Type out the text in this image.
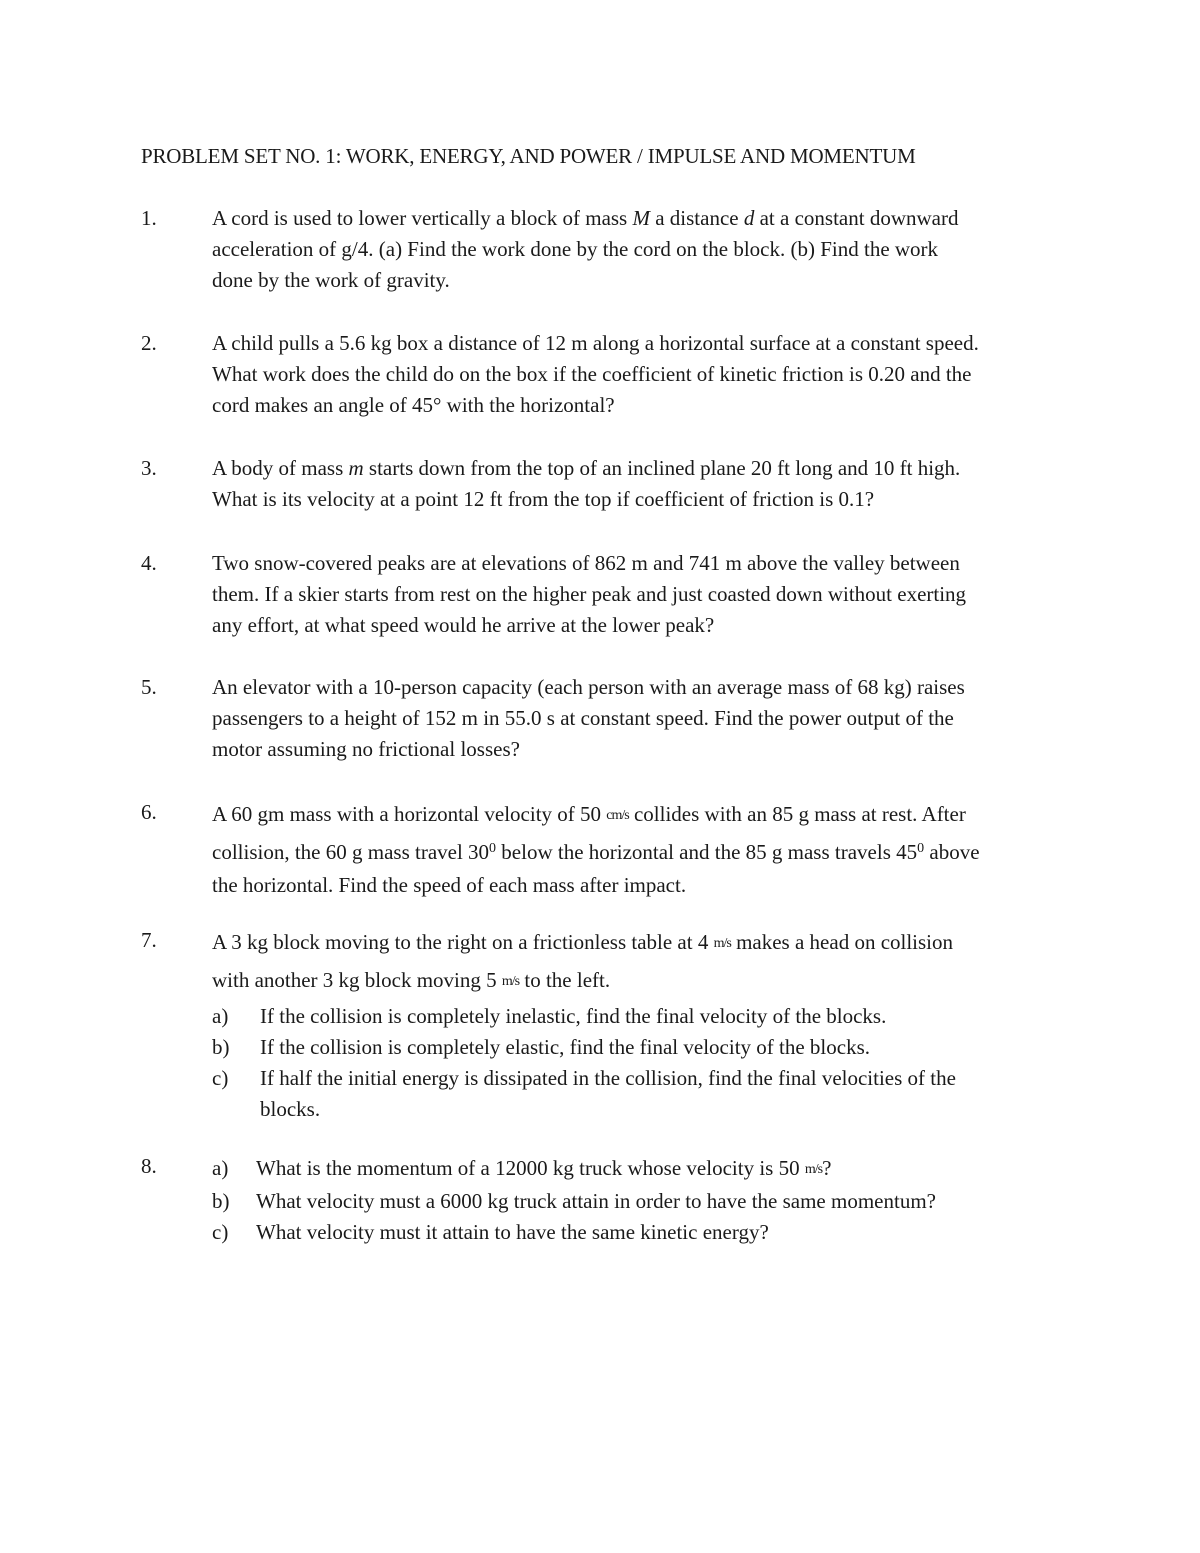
PROBLEM SET NO. 1: WORK, ENERGY, AND POWER / IMPULSE AND MOMENTUM
1.	A cord is used to lower vertically a block of mass M a distance d at a constant downward
acceleration of g/4. (a) Find the work done by the cord on the block. (b) Find the work
done by the work of gravity.
2.	A child pulls a 5.6 kg box a distance of 12 m along a horizontal surface at a constant speed.
What work does the child do on the box if the coefficient of kinetic friction is 0.20 and the
cord makes an angle of 45° with the horizontal?
3.	A body of mass m starts down from the top of an inclined plane 20 ft long and 10 ft high.
What is its velocity at a point 12 ft from the top if coefficient of friction is 0.1?
4.	Two snow-covered peaks are at elevations of 862 m and 741 m above the valley between
them. If a skier starts from rest on the higher peak and just coasted down without exerting
any effort, at what speed would he arrive at the lower peak?
5.	An elevator with a 10-person capacity (each person with an average mass of 68 kg) raises
passengers to a height of 152 m in 55.0 s at constant speed. Find the power output of the
motor assuming no frictional losses?
6.	A 60 gm mass with a horizontal velocity of 50 cm/s collides with an 85 g mass at rest. After
collision, the 60 g mass travel $30^0$ below the horizontal and the 85 g mass travels $45^0$ above
the horizontal. Find the speed of each mass after impact.
7.	A 3 kg block moving to the right on a frictionless table at 4 m/s makes a head on collision
with another 3 kg block moving 5 m/s to the left.
a) If the collision is completely inelastic, find the final velocity of the blocks.
b) If the collision is completely elastic, find the final velocity of the blocks.
c) If half the initial energy is dissipated in the collision, find the final velocities of the
blocks.
8.	a) What is the momentum of a 12000 kg truck whose velocity is 50 m/s?
b) What velocity must a 6000 kg truck attain in order to have the same momentum?
c) What velocity must it attain to have the same kinetic energy?
